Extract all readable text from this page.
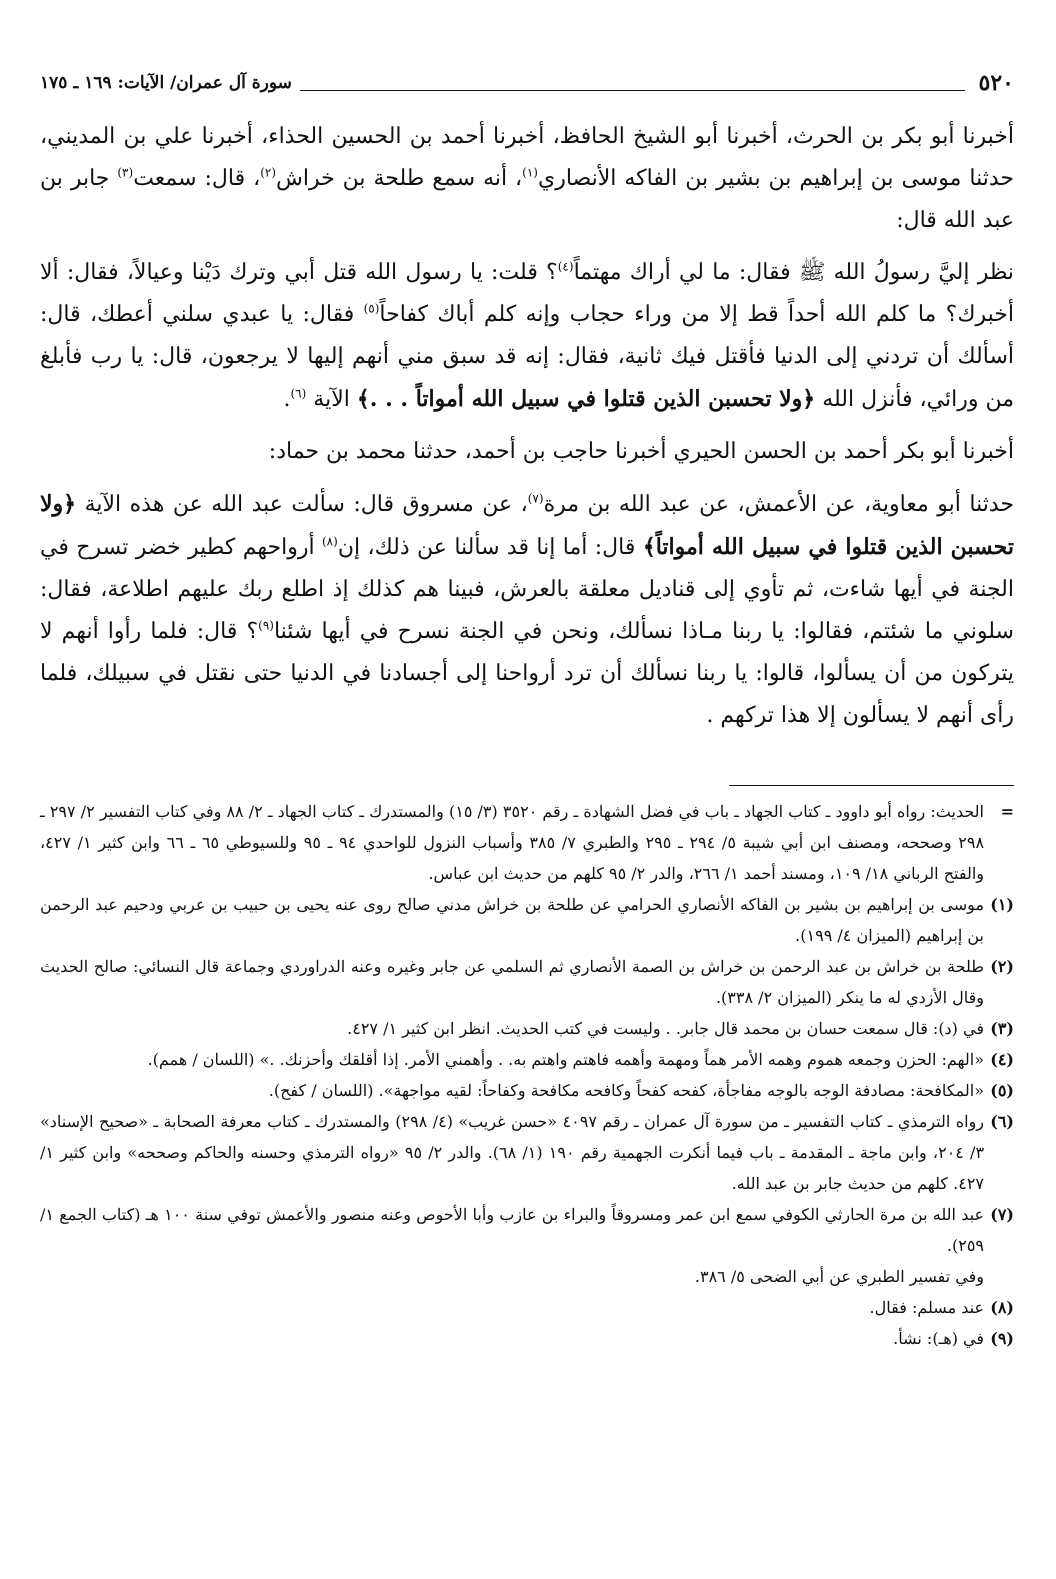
٥٢٠
سورة آل عمران/ الآيات: ١٦٩ ـ ١٧٥

أخبرنا أبو بكر بن الحرث، أخبرنا أبو الشيخ الحافظ، أخبرنا أحمد بن الحسين الحذاء، أخبرنا علي بن المديني، حدثنا موسى بن إبراهيم بن بشير بن الفاكه الأنصاري$^{(١)}$، أنه سمع طلحة بن خراش$^{(٢)}$، قال: سمعت$^{(٣)}$ جابر بن عبد الله قال:

نظر إليَّ رسولُ الله ﷺ فقال: ما لي أراك مهتماً$^{(٤)}$؟ قلت: يا رسول الله قتل أبي وترك دَيْنا وعيالاً، فقال: ألا أخبرك؟ ما كلم الله أحداً قط إلا من وراء حجاب وإنه كلم أباك كفاحاً$^{(٥)}$ فقال: يا عبدي سلني أعطك، قال: أسألك أن تردني إلى الدنيا فأقتل فيك ثانية، فقال: إنه قد سبق مني أنهم إليها لا يرجعون، قال: يا رب فأبلغ من ورائي، فأنزل الله ﴿ولا تحسبن الذين قتلوا في سبيل الله أمواتاً . . .﴾ الآية $^{(٦)}$.

أخبرنا أبو بكر أحمد بن الحسن الحيري أخبرنا حاجب بن أحمد، حدثنا محمد بن حماد:

حدثنا أبو معاوية، عن الأعمش، عن عبد الله بن مرة$^{(٧)}$، عن مسروق قال: سألت عبد الله عن هذه الآية ﴿ولا تحسبن الذين قتلوا في سبيل الله أمواتاً﴾ قال: أما إنا قد سألنا عن ذلك، إن$^{(٨)}$ أرواحهم كطير خضر تسرح في الجنة في أيها شاءت، ثم تأوي إلى قناديل معلقة بالعرش، فبينا هم كذلك إذ اطلع ربك عليهم اطلاعة، فقال: سلوني ما شئتم، فقالوا: يا ربنا مـاذا نسألك، ونحن في الجنة نسرح في أيها شئنا$^{(٩)}$؟ قال: فلما رأوا أنهم لا يتركون من أن يسألوا، قالوا: يا ربنا نسألك أن ترد أرواحنا إلى أجسادنا في الدنيا حتى نقتل في سبيلك، فلما رأى أنهم لا يسألون إلا هذا تركهم .

=
الحديث: رواه أبو داوود ـ كتاب الجهاد ـ باب في فضل الشهادة ـ رقم ٣٥٢٠ (٣/ ١٥) والمستدرك ـ كتاب الجهاد ـ ٢/ ٨٨ وفي كتاب التفسير ٢/ ٢٩٧ ـ ٢٩٨ وصححه، ومصنف ابن أبي شيبة ٥/ ٢٩٤ ـ ٢٩٥ والطبري ٧/ ٣٨٥ وأسباب النزول للواحدي ٩٤ ـ ٩٥ وللسيوطي ٦٥ ـ ٦٦ وابن كثير ١/ ٤٢٧، والفتح الرباني ١٨/ ١٠٩، ومسند أحمد ١/ ٢٦٦، والدر ٢/ ٩٥ كلهم من حديث ابن عباس.
(١)
موسى بن إبراهيم بن بشير بن الفاكه الأنصاري الحرامي عن طلحة بن خراش مدني صالح روى عنه يحيى بن حبيب بن عربي ودحيم عبد الرحمن بن إبراهيم (الميزان ٤/ ١٩٩).
(٢)
طلحة بن خراش بن عبد الرحمن بن خراش بن الصمة الأنصاري ثم السلمي عن جابر وغيره وعنه الدراوردي وجماعة قال النسائي: صالح الحديث وقال الأزدي له ما ينكر (الميزان ٢/ ٣٣٨).
(٣)
في (د): قال سمعت حسان بن محمد قال جابر. . وليست في كتب الحديث. انظر ابن كثير ١/ ٤٢٧.
(٤)
«الهم: الحزن وجمعه هموم وهمه الأمر هماً ومهمة وأهمه فاهتم واهتم به. . وأهمني الأمر. إذا أقلقك وأحزنك. .» (اللسان / همم).
(٥)
«المكافحة: مصادفة الوجه بالوجه مفاجأة، كفحه كفحاً وكافحه مكافحة وكفاحاً: لقيه مواجهة». (اللسان / كفح).
(٦)
رواه الترمذي ـ كتاب التفسير ـ من سورة آل عمران ـ رقم ٤٠٩٧ «حسن غريب» (٤/ ٢٩٨) والمستدرك ـ كتاب معرفة الصحابة ـ «صحيح الإسناد» ٣/ ٢٠٤، وابن ماجة ـ المقدمة ـ باب فيما أنكرت الجهمية رقم ١٩٠ (١/ ٦٨). والدر ٢/ ٩٥ «رواه الترمذي وحسنه والحاكم وصححه» وابن كثير ١/ ٤٢٧. كلهم من حديث جابر بن عبد الله.
(٧)
عبد الله بن مرة الحارثي الكوفي سمع ابن عمر ومسروقاً والبراء بن عازب وأبا الأحوص وعنه منصور والأعمش توفي سنة ١٠٠ هـ (كتاب الجمع ١/ ٢٥٩).
وفي تفسير الطبري عن أبي الضحى ٥/ ٣٨٦.
(٨)
عند مسلم: فقال.
(٩)
في (هـ): نشأ.
